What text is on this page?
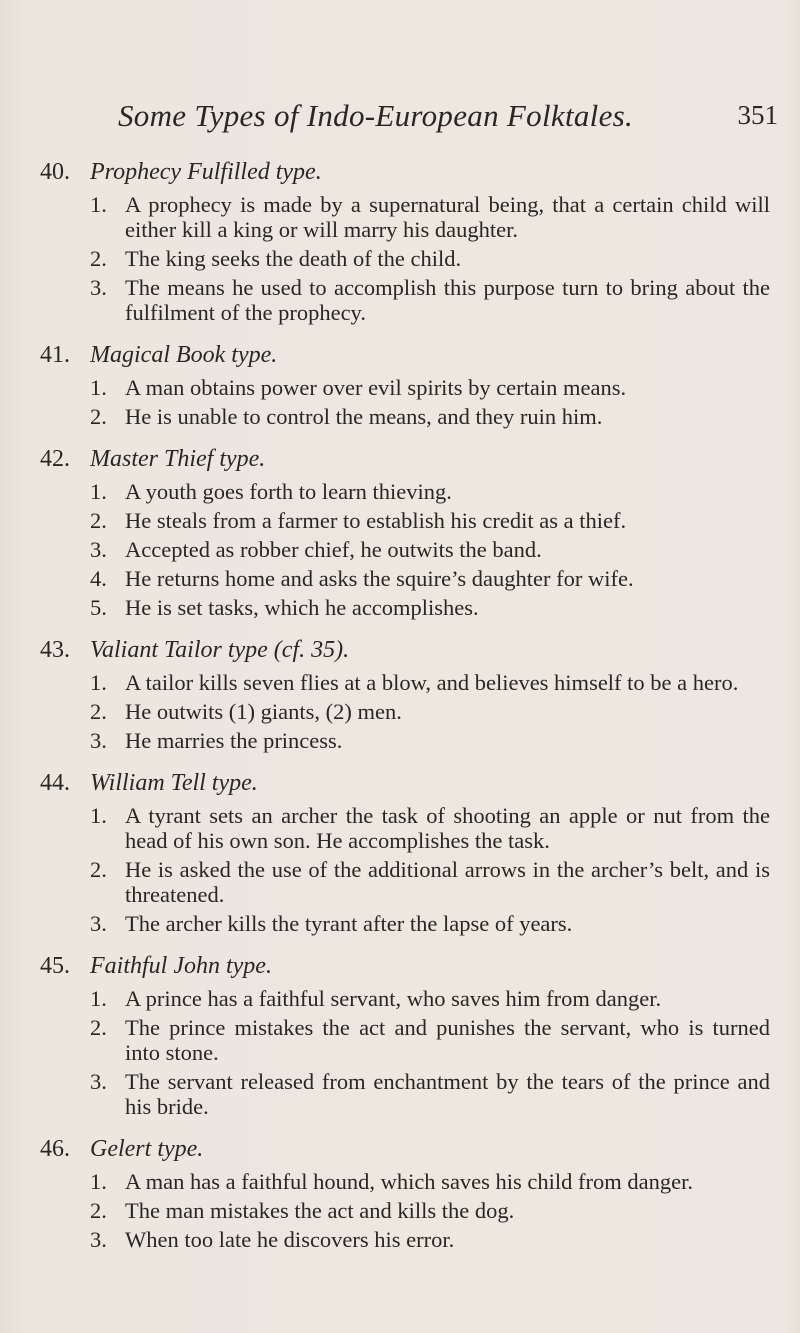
Some Types of Indo-European Folktales.	351
40. Prophecy Fulfilled type.
1. A prophecy is made by a supernatural being, that a certain child will either kill a king or will marry his daughter.
2. The king seeks the death of the child.
3. The means he used to accomplish this purpose turn to bring about the fulfilment of the prophecy.
41. Magical Book type.
1. A man obtains power over evil spirits by certain means.
2. He is unable to control the means, and they ruin him.
42. Master Thief type.
1. A youth goes forth to learn thieving.
2. He steals from a farmer to establish his credit as a thief.
3. Accepted as robber chief, he outwits the band.
4. He returns home and asks the squire’s daughter for wife.
5. He is set tasks, which he accomplishes.
43. Valiant Tailor type (cf. 35).
1. A tailor kills seven flies at a blow, and believes himself to be a hero.
2. He outwits (1) giants, (2) men.
3. He marries the princess.
44. William Tell type.
1. A tyrant sets an archer the task of shooting an apple or nut from the head of his own son. He accomplishes the task.
2. He is asked the use of the additional arrows in the archer’s belt, and is threatened.
3. The archer kills the tyrant after the lapse of years.
45. Faithful John type.
1. A prince has a faithful servant, who saves him from danger.
2. The prince mistakes the act and punishes the servant, who is turned into stone.
3. The servant released from enchantment by the tears of the prince and his bride.
46. Gelert type.
1. A man has a faithful hound, which saves his child from danger.
2. The man mistakes the act and kills the dog.
3. When too late he discovers his error.
